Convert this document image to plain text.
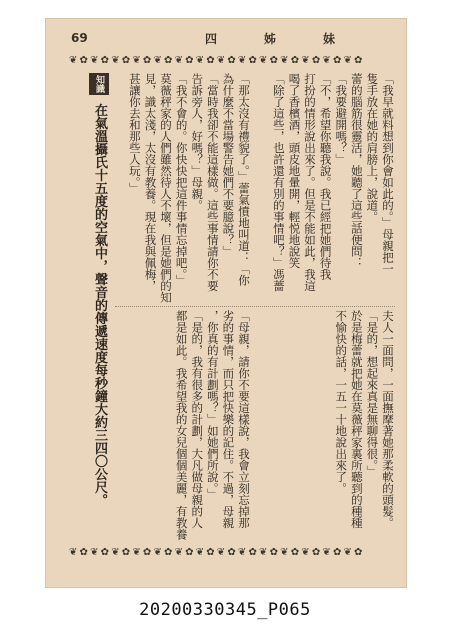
69	四	姊	妹
❦ ✿ ❦ ✿ ❦ ✿ ❦ ✿ ❦ ✿ ❦ ✿ ❦ ✿ ❦ ✿ ❦ ✿ ❦ ✿ ❦ ✿ ❦ ✿ ❦ ✿ ❦ ✿
❦ ✿ ❦ ✿ ❦ ✿ ❦ ✿ ❦ ✿ ❦ ✿ ❦ ✿ ❦ ✿ ❦ ✿ ❦ ✿ ❦ ✿ ❦ ✿ ❦ ✿ ❦ ✿
知識 在氣溫攝氏十五度的空氣中，聲音的傳遞速度每秒鐘大約三四〇公尺。	「我早就料想到你會如此的。」母親把一

隻手放在她的肩膀上，說道。

蕾的腦筋很靈活，她聽了這些話便問：

「我要避開嗎？」

「不，希望你聽我說。我已經把她們待我

打扮的情形說出來了。但是不能如此，我這

喝了香檳酒，頭皮地暈開，輕悦地說笑

「除了這些，也許還有別的事情吧？」馮薔

夫人一面問，一面撫摩著她那柔軟的頭髮。

「是的，想起來真是無聊得很。」

於是梅蕾就把她在莫薇秤家裏所聽到的種種

不愉快的話，一五一十地說出來了。

「那太沒有禮貌了。」蕾氣憤地叫道：「你

為什麼不當場警告她們不要臆說？」

「當時我卻不能這樣做。這些事情請你不要

告訴旁人，好嗎？」母親。

「我不會的。你快快把這件事情忘掉吧。」

莫薇秤家的人們雖然待人不壞，但是她們的知

見，識太淺，太沒有教養。現在我與佩梅，

甚讓你去和那些人玩。」

「母親，請你不要這樣說，我會立刻忘掉那

劣的事情，而只把快樂的記住。不過，母親

，你真的有計劃嗎？」如她們所說。」

「是的，我有很多的計劃，大凡做母親的人

都是如此。我希望我的女兒個個美麗，有教養

20200330345_P065
